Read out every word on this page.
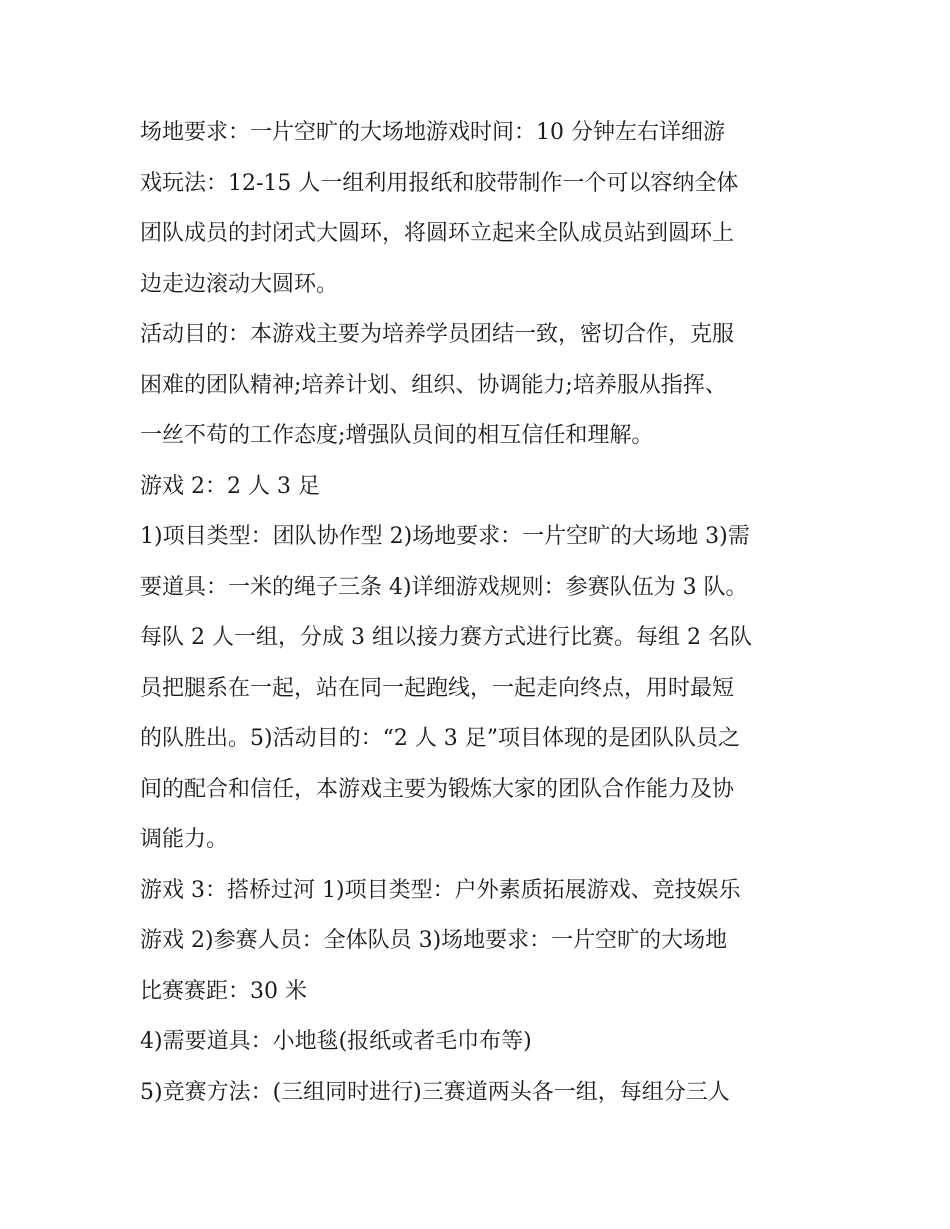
场地要求：一片空旷的大场地游戏时间：10 分钟左右详细游
戏玩法：12-15 人一组利用报纸和胶带制作一个可以容纳全体
团队成员的封闭式大圆环，将圆环立起来全队成员站到圆环上
边走边滚动大圆环。
活动目的：本游戏主要为培养学员团结一致，密切合作，克服
困难的团队精神;培养计划、组织、协调能力;培养服从指挥、
一丝不苟的工作态度;增强队员间的相互信任和理解。
游戏 2：2 人 3 足
1)项目类型：团队协作型 2)场地要求：一片空旷的大场地 3)需
要道具：一米的绳子三条 4)详细游戏规则：参赛队伍为 3 队。
每队 2 人一组，分成 3 组以接力赛方式进行比赛。每组 2 名队
员把腿系在一起，站在同一起跑线，一起走向终点，用时最短
的队胜出。5)活动目的：“2 人 3 足”项目体现的是团队队员之
间的配合和信任，本游戏主要为锻炼大家的团队合作能力及协
调能力。
游戏 3：搭桥过河 1)项目类型：户外素质拓展游戏、竞技娱乐
游戏 2)参赛人员：全体队员 3)场地要求：一片空旷的大场地
比赛赛距：30 米
4)需要道具：小地毯(报纸或者毛巾布等)
5)竞赛方法：(三组同时进行)三赛道两头各一组，每组分三人
